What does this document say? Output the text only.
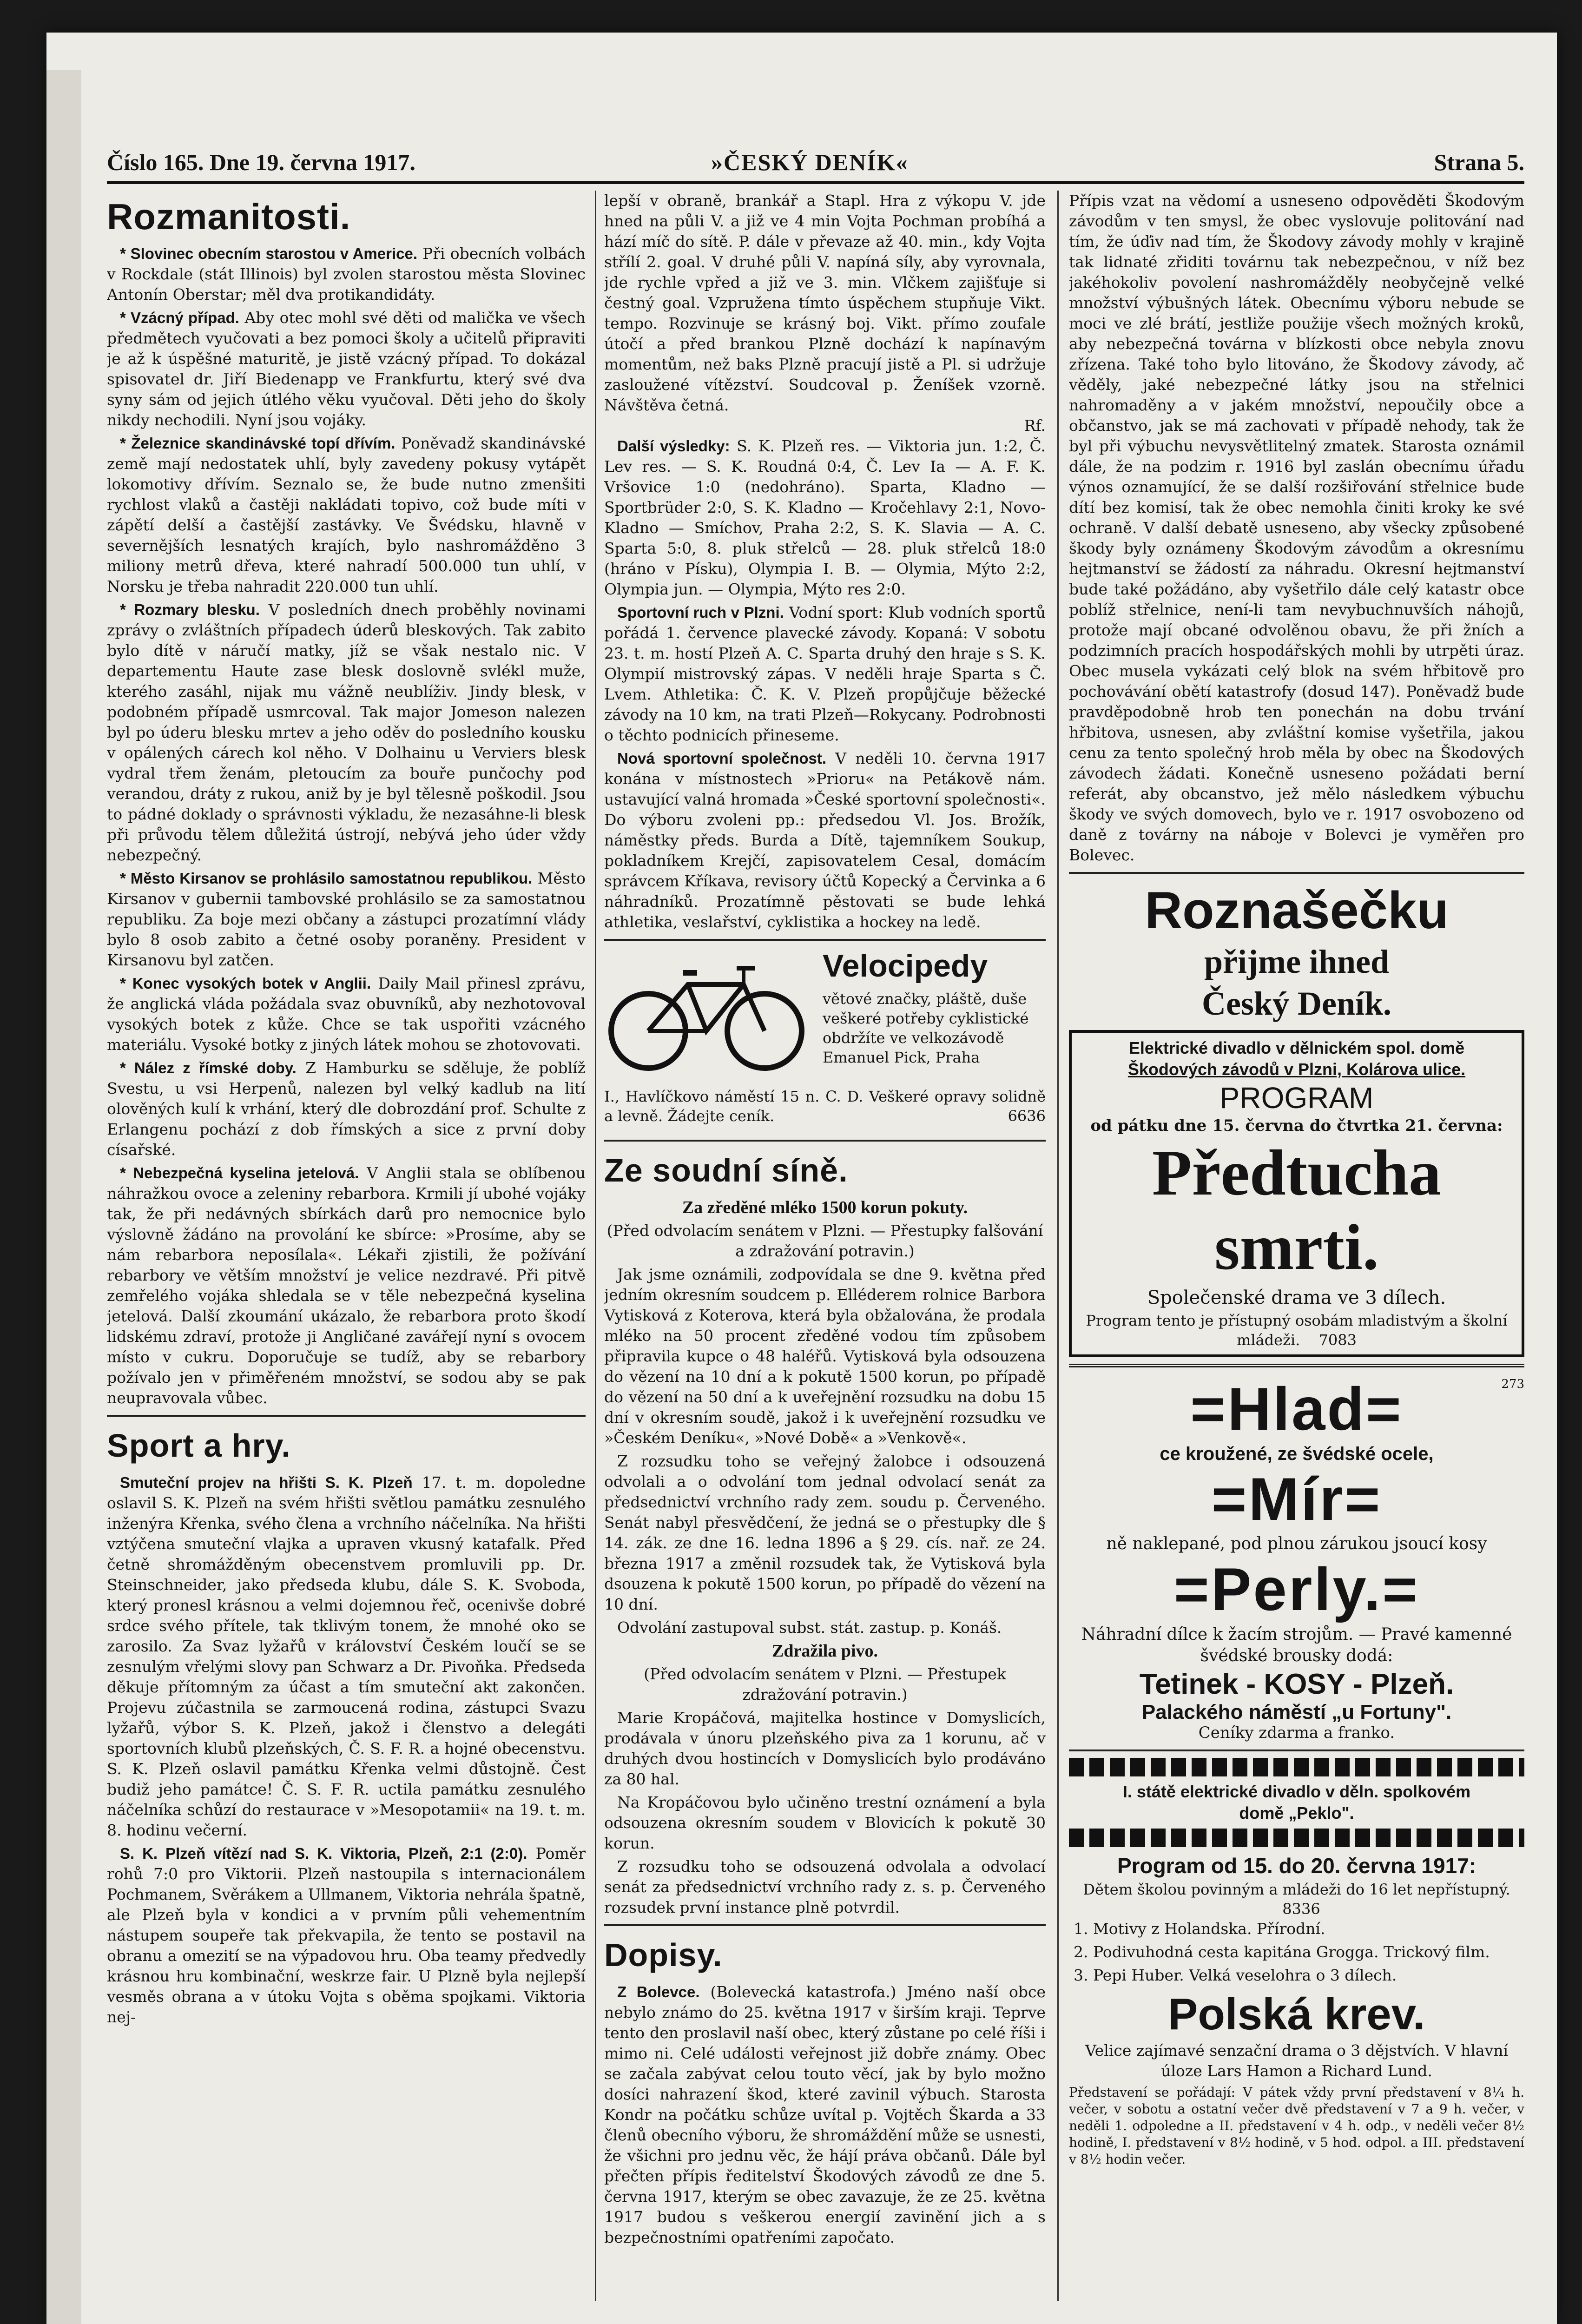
Číslo 165. Dne 19. června 1917.	»ČESKÝ DENÍK«	Strana 5.
Rozmanitosti.

* Slovinec obecním starostou v Americe. Při obecních volbách v Rockdale (stát Illinois) byl zvolen starostou města Slovinec Antonín Oberstar; měl dva protikandidáty.

* Vzácný případ. Aby otec mohl své děti od malička ve všech předmětech vyučovati a bez pomoci školy a učitelů připraviti je až k úspěšné maturitě, je jistě vzácný případ. To dokázal spisovatel dr. Jiří Biedenapp ve Frankfurtu, který své dva syny sám od jejich útlého věku vyučoval. Děti jeho do školy nikdy nechodili. Nyní jsou vojáky.

* Železnice skandinávské topí dřívím. Poněvadž skandinávské země mají nedostatek uhlí, byly zavedeny pokusy vytápět lokomotivy dřívím. Seznalo se, že bude nutno zmenšiti rychlost vlaků a častěji nakládati topivo, což bude míti v zápětí delší a častější zastávky. Ve Švédsku, hlavně v severnějších lesnatých krajích, bylo nashromážděno 3 miliony metrů dřeva, které nahradí 500.000 tun uhlí, v Norsku je třeba nahradit 220.000 tun uhlí.

* Rozmary blesku. V posledních dnech proběhly novinami zprávy o zvláštních případech úderů bleskových. Tak zabito bylo dítě v náručí matky, jíž se však nestalo nic. V departementu Haute zase blesk doslovně svlékl muže, kterého zasáhl, nijak mu vážně neublíživ. Jindy blesk, v podobném případě usmrcoval. Tak major Jomeson nalezen byl po úderu blesku mrtev a jeho oděv do posledního kousku v opálených cárech kol něho. V Dolhainu u Verviers blesk vydral třem ženám, pletoucím za bouře punčochy pod verandou, dráty z rukou, aniž by je byl tělesně poškodil. Jsou to pádné doklady o správnosti výkladu, že nezasáhne-li blesk při průvodu tělem důležitá ústrojí, nebývá jeho úder vždy nebezpečný.

* Město Kirsanov se prohlásilo samostatnou republikou. Město Kirsanov v gubernii tambovské prohlásilo se za samostatnou republiku. Za boje mezi občany a zástupci prozatímní vlády bylo 8 osob zabito a četné osoby poraněny. President v Kirsanovu byl zatčen.

* Konec vysokých botek v Anglii. Daily Mail přinesl zprávu, že anglická vláda požádala svaz obuvníků, aby nezhotovoval vysokých botek z kůže. Chce se tak uspořiti vzácného materiálu. Vysoké botky z jiných látek mohou se zhotovovati.

* Nález z římské doby. Z Hamburku se sděluje, že poblíž Svestu, u vsi Herpenů, nalezen byl velký kadlub na lití olověných kulí k vrhání, který dle dobrozdání prof. Schulte z Erlangenu pochází z dob římských a sice z první doby císařské.

* Nebezpečná kyselina jetelová. V Anglii stala se oblíbenou náhražkou ovoce a zeleniny rebarbora. Krmili jí ubohé vojáky tak, že při nedávných sbírkách darů pro nemocnice bylo výslovně žádáno na provolání ke sbírce: »Prosíme, aby se nám rebarbora neposílala«. Lékaři zjistili, že požívání rebarbory ve větším množství je velice nezdravé. Při pitvě zemřelého vojáka shledala se v těle nebezpečná kyselina jetelová. Další zkoumání ukázalo, že rebarbora proto škodí lidskému zdraví, protože ji Angličané zavářejí nyní s ovocem místo v cukru. Doporučuje se tudíž, aby se rebarbory požívalo jen v přiměřeném množství, se sodou aby se pak neupravovala vůbec.

Sport a hry.

Smuteční projev na hřišti S. K. Plzeň 17. t. m. dopoledne oslavil S. K. Plzeň na svém hřišti světlou památku zesnulého inženýra Křenka, svého člena a vrchního náčelníka. Na hřišti vztýčena smuteční vlajka a upraven vkusný katafalk. Před četně shromážděným obecenstvem promluvili pp. Dr. Steinschneider, jako předseda klubu, dále S. K. Svoboda, který pronesl krásnou a velmi dojemnou řeč, ocenivše dobré srdce svého přítele, tak tklivým tonem, že mnohé oko se zarosilo. Za Svaz lyžařů v království Českém loučí se se zesnulým vřelými slovy pan Schwarz a Dr. Pivoňka. Předseda děkuje přítomným za účast a tím smuteční akt zakončen. Projevu zúčastnila se zarmoucená rodina, zástupci Svazu lyžařů, výbor S. K. Plzeň, jakož i členstvo a delegáti sportovních klubů plzeňských, Č. S. F. R. a hojné obecenstvu. S. K. Plzeň oslavil památku Křenka velmi důstojně. Čest budiž jeho památce! Č. S. F. R. uctila památku zesnulého náčelníka schůzí do restaurace v »Mesopotamii« na 19. t. m. 8. hodinu večerní.

S. K. Plzeň vítězí nad S. K. Viktoria, Plzeň, 2:1 (2:0). Poměr rohů 7:0 pro Viktorii. Plzeň nastoupila s internacionálem Pochmanem, Svěrákem a Ullmanem, Viktoria nehrála špatně, ale Plzeň byla v kondici a v prvním půli vehementním nástupem soupeře tak překvapila, že tento se postavil na obranu a omezití se na výpadovou hru. Oba teamy předvedly krásnou hru kombinační, weskrze fair. U Plzně byla nejlepší vesměs obrana a v útoku Vojta s oběma spojkami. Viktoria nej-

lepší v obraně, brankář a Stapl. Hra z výkopu V. jde hned na půli V. a již ve 4 min Vojta Pochman probíhá a hází míč do sítě. P. dále v převaze až 40. min., kdy Vojta střílí 2. goal. V druhé půli V. napíná síly, aby vyrovnala, jde rychle vpřed a již ve 3. min. Vlčkem zajišťuje si čestný goal. Vzpružena tímto úspěchem stupňuje Vikt. tempo. Rozvinuje se krásný boj. Vikt. přímo zoufale útočí a před brankou Plzně dochází k napínavým momentům, než baks Plzně pracují jistě a Pl. si udržuje zasloužené vítězství. Soudcoval p. Ženíšek vzorně. Návštěva četná.

Rf.

Další výsledky: S. K. Plzeň res. — Viktoria jun. 1:2, Č. Lev res. — S. K. Roudná 0:4, Č. Lev Ia — A. F. K. Vršovice 1:0 (nedohráno). Sparta, Kladno — Sportbrüder 2:0, S. K. Kladno — Kročehlavy 2:1, Novo-Kladno — Smíchov, Praha 2:2, S. K. Slavia — A. C. Sparta 5:0, 8. pluk střelců — 28. pluk střelců 18:0 (hráno v Písku), Olympia I. B. — Olymia, Mýto 2:2, Olympia jun. — Olympia, Mýto res 2:0.

Sportovní ruch v Plzni. Vodní sport: Klub vodních sportů pořádá 1. července plavecké závody. Kopaná: V sobotu 23. t. m. hostí Plzeň A. C. Sparta druhý den hraje s S. K. Olympií mistrovský zápas. V neděli hraje Sparta s Č. Lvem. Athletika: Č. K. V. Plzeň propůjčuje běžecké závody na 10 km, na trati Plzeň—Rokycany. Podrobnosti o těchto podnicích přineseme.

Nová sportovní společnost. V neděli 10. června 1917 konána v místnostech »Prioru« na Petákově nám. ustavující valná hromada »České sportovní společnosti«. Do výboru zvoleni pp.: předsedou Vl. Jos. Brožík, náměstky předs. Burda a Dítě, tajemníkem Soukup, pokladníkem Krejčí, zapisovatelem Cesal, domácím správcem Kříkava, revisory účtů Kopecký a Červinka a 6 náhradníků. Prozatímně pěstovati se bude lehká athletika, veslařství, cyklistika a hockey na ledě.

Velocipedy
větové značky, pláště, duše veškeré potřeby cyklistické obdržíte ve velkozávodě Emanuel Pick, Praha
I., Havlíčkovo náměstí 15 n. C. D. Veškeré opravy solidně a levně. Žádejte ceník.	6636
Ze soudní síně.
Za zředěné mléko 1500 korun pokuty.

(Před odvolacím senátem v Plzni. — Přestupky falšování a zdražování potravin.)

Jak jsme oznámili, zodpovídala se dne 9. května před jedním okresním soudcem p. Elléderem rolnice Barbora Vytisková z Koterova, která byla obžalována, že prodala mléko na 50 procent zředěné vodou tím způsobem připravila kupce o 48 haléřů. Vytisková byla odsouzena do vězení na 10 dní a k pokutě 1500 korun, po případě do vězení na 50 dní a k uveřejnění rozsudku na dobu 15 dní v okresním soudě, jakož i k uveřejnění rozsudku ve »Českém Deníku«, »Nové Době« a »Venkově«.

Z rozsudku toho se veřejný žalobce i odsouzená odvolali a o odvolání tom jednal odvolací senát za předsednictví vrchního rady zem. soudu p. Červeného. Senát nabyl přesvědčení, že jedná se o přestupky dle § 14. zák. ze dne 16. ledna 1896 a § 29. cís. nař. ze 24. března 1917 a změnil rozsudek tak, že Vytisková byla dsouzena k pokutě 1500 korun, po případě do vězení na 10 dní.

Odvolání zastupoval subst. stát. zastup. p. Konáš.

Zdražila pivo.

(Před odvolacím senátem v Plzni. — Přestupek zdražování potravin.)

Marie Kropáčová, majitelka hostince v Domyslicích, prodávala v únoru plzeňského piva za 1 korunu, ač v druhých dvou hostincích v Domyslicích bylo prodáváno za 80 hal.

Na Kropáčovou bylo učiněno trestní oznámení a byla odsouzena okresním soudem v Blovicích k pokutě 30 korun.

Z rozsudku toho se odsouzená odvolala a odvolací senát za předsednictví vrchního rady z. s. p. Červeného rozsudek první instance plně potvrdil.

Dopisy.

Z Bolevce. (Bolevecká katastrofa.) Jméno naší obce nebylo známo do 25. května 1917 v širším kraji. Teprve tento den proslavil naší obec, který zůstane po celé říši i mimo ni. Celé události veřejnost již dobře známy. Obec se začala zabývat celou touto věcí, jak by bylo možno dosíci nahrazení škod, které zavinil výbuch. Starosta Kondr na počátku schůze uvítal p. Vojtěch Škarda a 33 členů obecního výboru, že shromáždění může se usnesti, že všichni pro jednu věc, že hájí práva občanů. Dále byl přečten přípis ředitelství Škodových závodů ze dne 5. června 1917, kterým se obec zavazuje, že ze 25. května 1917 budou s veškerou energií zavinění jich a s bezpečnostními opatřeními započato.

Přípis vzat na vědomí a usneseno odpověděti Škodovým závodům v ten smysl, že obec vyslovuje politování nad tím, že úďiv nad tím, že Škodovy závody mohly v krajině tak lidnaté zřiditi továrnu tak nebezpečnou, v níž bez jakéhokoliv povolení nashromážděly neobyčejně velké množství výbušných látek. Obecnímu výboru nebude se moci ve zlé brátí, jestliže použije všech možných kroků, aby nebezpečná továrna v blízkosti obce nebyla znovu zřízena. Také toho bylo litováno, že Škodovy závody, ač věděly, jaké nebezpečné látky jsou na střelnici nahromaděny a v jakém množství, nepoučily obce a občanstvo, jak se má zachovati v případě nehody, tak že byl při výbuchu nevysvětlitelný zmatek. Starosta oznámil dále, že na podzim r. 1916 byl zaslán obecnímu úřadu výnos oznamující, že se další rozšiřování střelnice bude dítí bez komisí, tak že obec nemohla činiti kroky ke své ochraně. V další debatě usneseno, aby všecky způsobené škody byly oznámeny Škodovým závodům a okresnímu hejtmanství se žádostí za náhradu. Okresní hejtmanství bude také požádáno, aby vyšetřilo dále celý katastr obce poblíž střelnice, není-li tam nevybuchnuvších náhojů, protože mají obcané odvolěnou obavu, že při žních a podzimních pracích hospodářských mohli by utrpěti úraz. Obec musela vykázati celý blok na svém hřbitově pro pochovávání obětí katastrofy (dosud 147). Poněvadž bude pravděpodobně hrob ten ponechán na dobu trvání hřbitova, usnesen, aby zvláštní komise vyšetřila, jakou cenu za tento společný hrob měla by obec na Škodových závodech žádati. Konečně usneseno požádati berní referát, aby obcanstvo, jež mělo následkem výbuchu škody ve svých domovech, bylo ve r. 1917 osvobozeno od daně z továrny na náboje v Bolevci je vyměřen pro Bolevec.

Roznašečku
přijme ihned
Český Deník.
Elektrické divadlo v dělnickém spol. domě
Škodových závodů v Plzni, Kolárova ulice.
PROGRAM
od pátku dne 15. června do čtvrtka 21. června:
Předtucha
smrti.
Společenské drama ve 3 dílech.
Program tento je přístupný osobám mladistvým a školní mládeži. 7083
273
=Hlad=
ce kroužené, ze švédské ocele,
=Mír=
ně naklepané, pod plnou zárukou jsoucí kosy
=Perly.=
Náhradní dílce k žacím strojům. — Pravé kamenné švédské brousky dodá:
Tetinek - KOSY - Plzeň.
Palackého náměstí „u Fortuny".
Ceníky zdarma a franko.
I. státě elektrické divadlo v děln. spolkovém
domě „Peklo".
Program od 15. do 20. června 1917:
Dětem školou povinným a mládeži do 16 let nepřístupný. 8336

1. Motivy z Holandska. Přírodní.

2. Podivuhodná cesta kapitána Grogga. Trickový film.

3. Pepi Huber. Velká veselohra o 3 dílech.

Polská krev.

Velice zajímavé senzační drama o 3 dějstvích. V hlavní úloze Lars Hamon a Richard Lund.

Představení se pořádají: V pátek vždy první představení v 8¼ h. večer, v sobotu a ostatní večer dvě představení v 7 a 9 h. večer, v neděli 1. odpoledne a II. představení v 4 h. odp., v neděli večer 8½ hodině, I. představení v 8½ hodině, v 5 hod. odpol. a III. představení v 8½ hodin večer.
